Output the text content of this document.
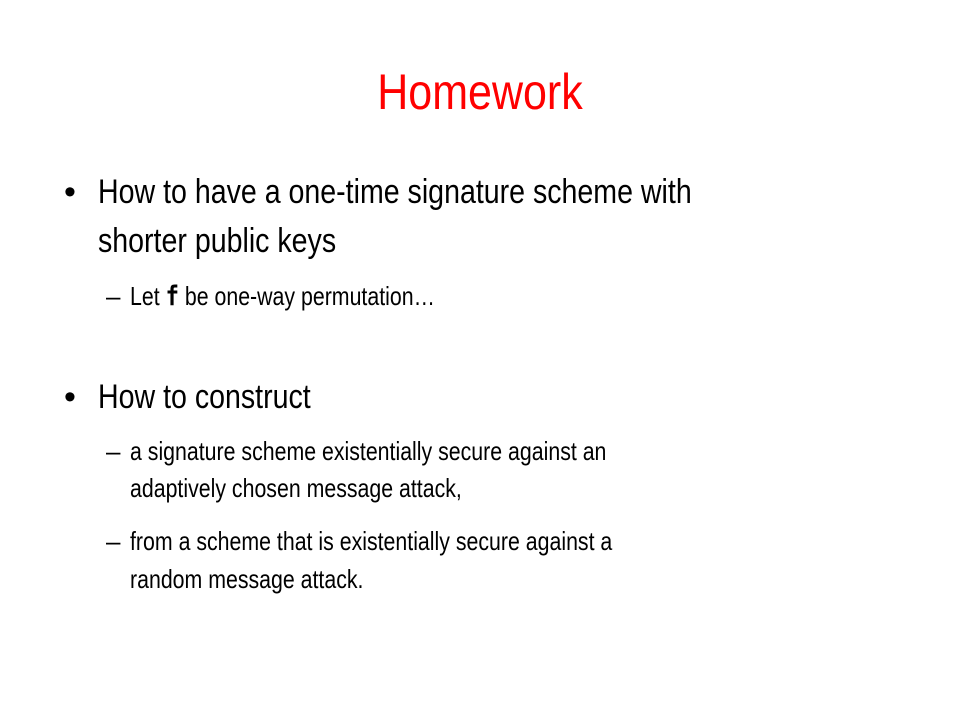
Homework
• How to have a one-time signature scheme with
shorter public keys
– Let f be one-way permutation…
• How to construct
– a signature scheme existentially secure against an
adaptively chosen message attack,
– from a scheme that is existentially secure against a
random message attack.
